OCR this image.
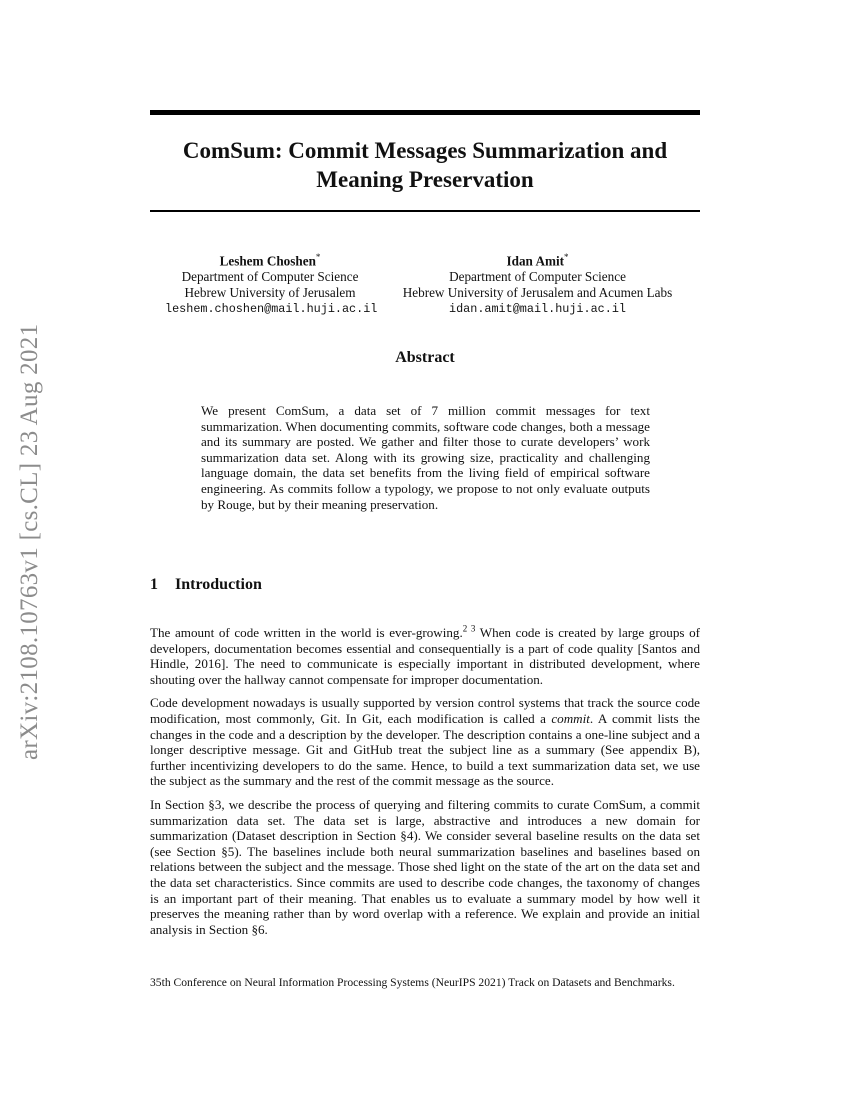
arXiv:2108.10763v1 [cs.CL] 23 Aug 2021
ComSum: Commit Messages Summarization and
Meaning Preservation
Leshem Choshen*
Department of Computer Science
Hebrew University of Jerusalem
leshem.choshen@mail.huji.ac.il
Idan Amit*
Department of Computer Science
Hebrew University of Jerusalem and Acumen Labs
idan.amit@mail.huji.ac.il
Abstract
We present ComSum, a data set of 7 million commit messages for text summarization. When documenting commits, software code changes, both a message and its summary are posted. We gather and filter those to curate developers’ work summarization data set. Along with its growing size, practicality and challenging language domain, the data set benefits from the living field of empirical software engineering. As commits follow a typology, we propose to not only evaluate outputs by Rouge, but by their meaning preservation.
1 Introduction

The amount of code written in the world is ever-growing.$^{2 3}$ When code is created by large groups of developers, documentation becomes essential and consequentially is a part of code quality [Santos and Hindle, 2016]. The need to communicate is especially important in distributed development, where shouting over the hallway cannot compensate for improper documentation.

Code development nowadays is usually supported by version control systems that track the source code modification, most commonly, Git. In Git, each modification is called a commit. A commit lists the changes in the code and a description by the developer. The description contains a one-line subject and a longer descriptive message. Git and GitHub treat the subject line as a summary (See appendix B), further incentivizing developers to do the same. Hence, to build a text summarization data set, we use the subject as the summary and the rest of the commit message as the source.

In Section §3, we describe the process of querying and filtering commits to curate ComSum, a commit summarization data set. The data set is large, abstractive and introduces a new domain for summarization (Dataset description in Section §4). We consider several baseline results on the data set (see Section §5). The baselines include both neural summarization baselines and baselines based on relations between the subject and the message. Those shed light on the state of the art on the data set and the data set characteristics. Since commits are used to describe code changes, the taxonomy of changes is an important part of their meaning. That enables us to evaluate a summary model by how well it preserves the meaning rather than by word overlap with a reference. We explain and provide an initial analysis in Section §6.

35th Conference on Neural Information Processing Systems (NeurIPS 2021) Track on Datasets and Benchmarks.
